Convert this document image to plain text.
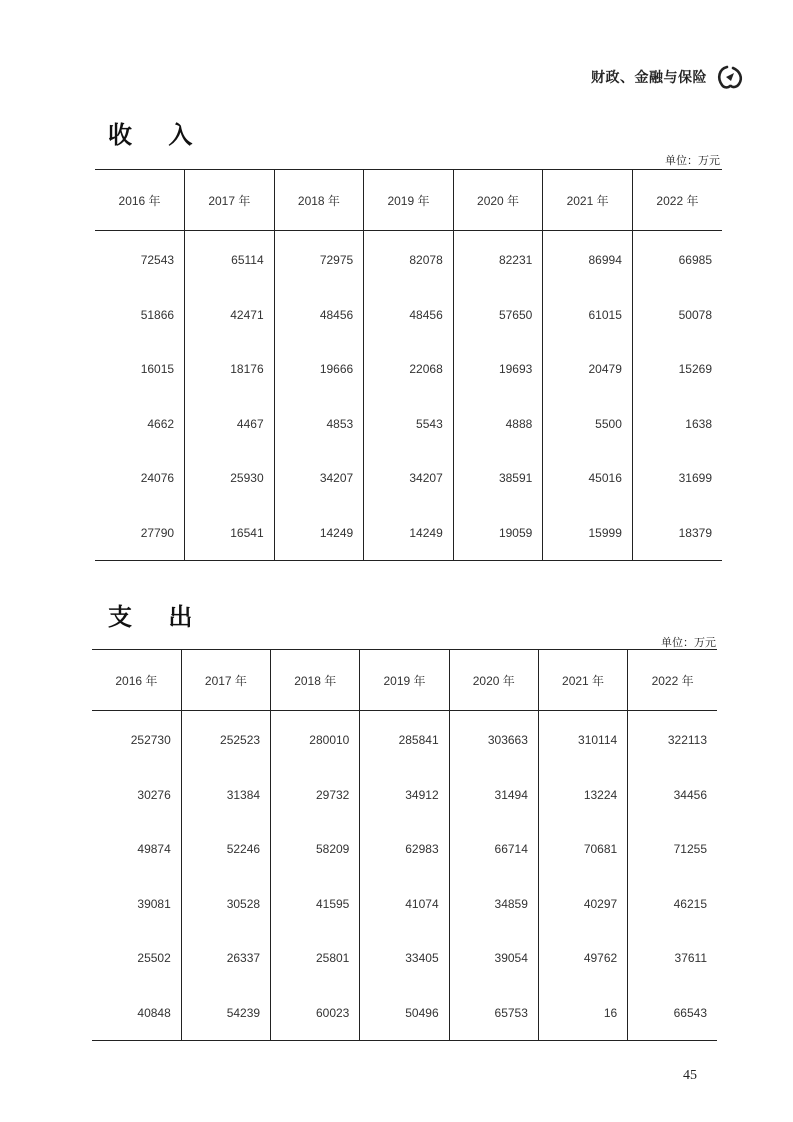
财政、金融与保险
收 入
单位：万元
2016 年	2017 年	2018 年	2019 年	2020 年	2021 年	2022 年
72543	65114	72975	82078	82231	86994	66985
51866	42471	48456	48456	57650	61015	50078
16015	18176	19666	22068	19693	20479	15269
4662	4467	4853	5543	4888	5500	1638
24076	25930	34207	34207	38591	45016	31699
27790	16541	14249	14249	19059	15999	18379
支 出
单位：万元
2016 年	2017 年	2018 年	2019 年	2020 年	2021 年	2022 年
252730	252523	280010	285841	303663	310114	322113
30276	31384	29732	34912	31494	13224	34456
49874	52246	58209	62983	66714	70681	71255
39081	30528	41595	41074	34859	40297	46215
25502	26337	25801	33405	39054	49762	37611
40848	54239	60023	50496	65753	16	66543
45
